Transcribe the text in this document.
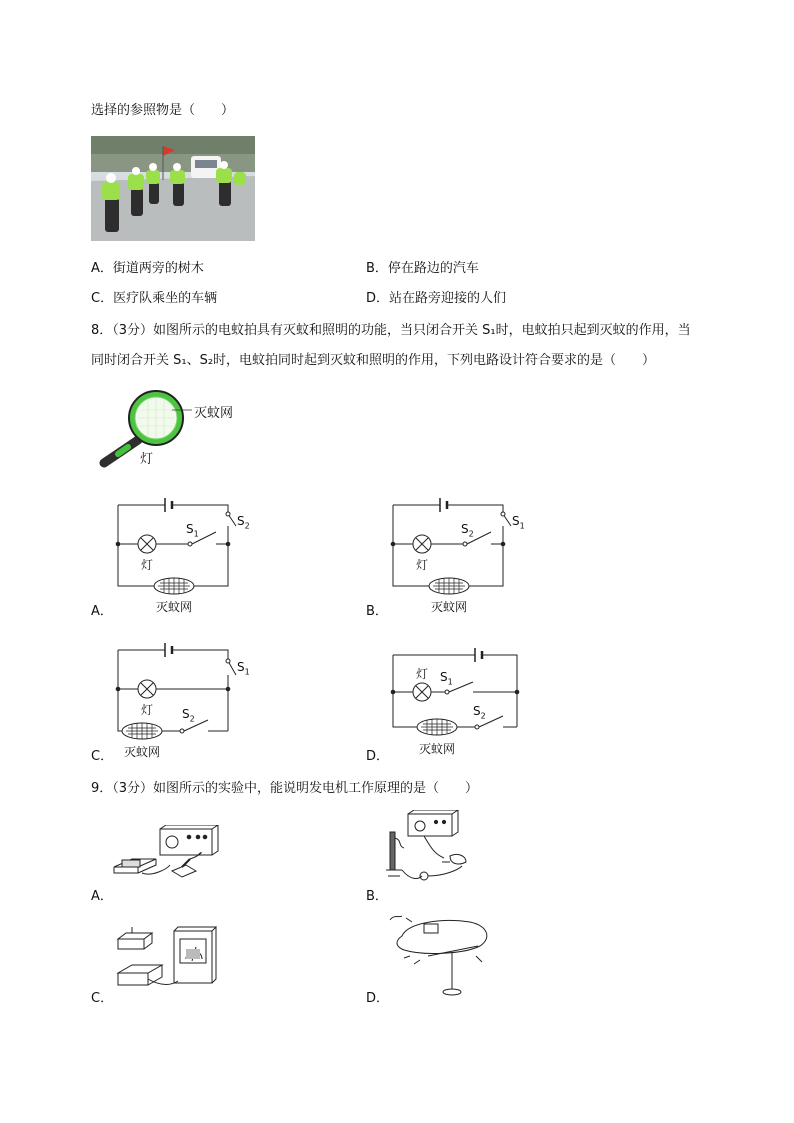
选择的参照物是（　　）
A．街道两旁的树木	B．停在路边的汽车
C．医疗队乘坐的车辆	D．站在路旁迎接的人们
8．（3分）如图所示的电蚊拍具有灭蚊和照明的功能，当只闭合开关 S₁时，电蚊拍只起到灭蚊的作用，当
同时闭合开关 S₁、S₂时，电蚊拍同时起到灭蚊和照明的作用，下列电路设计符合要求的是（　　）
灭蚊网
灯
灯
灭蚊网
$S_1$
$S_2$
A．
灯
灭蚊网
$S_2$
$S_1$
B．
灯
灭蚊网
$S_2$
$S_1$
C．
灯
灭蚊网
$S_1$
$S_2$
D．
9．（3分）如图所示的实验中，能说明发电机工作原理的是（　　）
A．	B．
C．	D．
